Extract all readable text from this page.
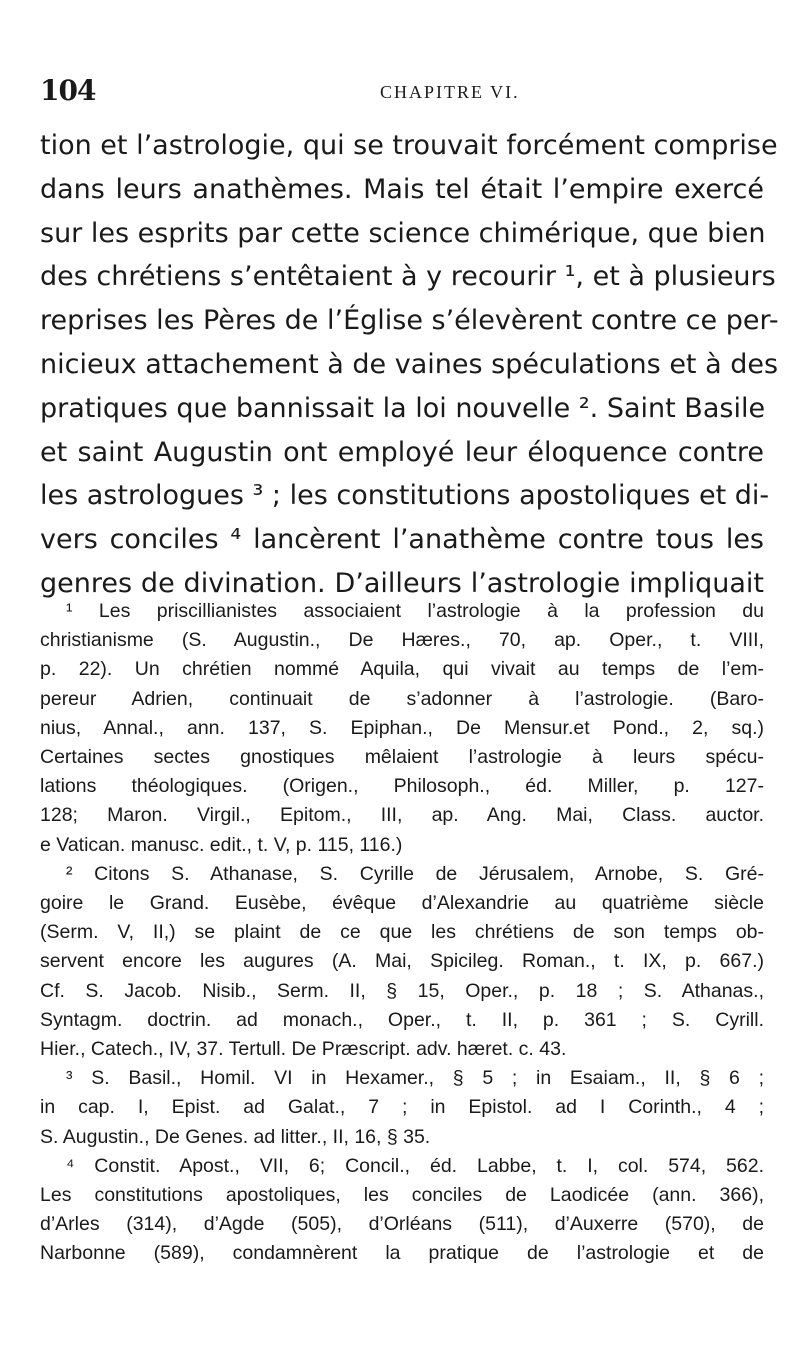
104	CHAPITRE VI.
tion et l’astrologie, qui se trouvait forcément comprise
dans leurs anathèmes. Mais tel était l’empire exercé
sur les esprits par cette science chimérique, que bien
des chrétiens s’entêtaient à y recourir ¹, et à plusieurs
reprises les Pères de l’Église s’élevèrent contre ce per-
nicieux attachement à de vaines spéculations et à des
pratiques que bannissait la loi nouvelle ². Saint Basile
et saint Augustin ont employé leur éloquence contre
les astrologues ³ ; les constitutions apostoliques et di-
vers conciles ⁴ lancèrent l’anathème contre tous les
genres de divination. D’ailleurs l’astrologie impliquait
¹ Les priscillianistes associaient l’astrologie à la profession du
christianisme (S. Augustin., De Hæres., 70, ap. Oper., t. VIII,
p. 22). Un chrétien nommé Aquila, qui vivait au temps de l’em-
pereur Adrien, continuait de s’adonner à l’astrologie. (Baro-
nius, Annal., ann. 137, S. Epiphan., De Mensur.et Pond., 2, sq.)
Certaines sectes gnostiques mêlaient l’astrologie à leurs spécu-
lations théologiques. (Origen., Philosoph., éd. Miller, p. 127-
128; Maron. Virgil., Epitom., III, ap. Ang. Mai, Class. auctor.
e Vatican. manusc. edit., t. V, p. 115, 116.)
² Citons S. Athanase, S. Cyrille de Jérusalem, Arnobe, S. Gré-
goire le Grand. Eusèbe, évêque d’Alexandrie au quatrième siècle
(Serm. V, II,) se plaint de ce que les chrétiens de son temps ob-
servent encore les augures (A. Mai, Spicileg. Roman., t. IX, p. 667.)
Cf. S. Jacob. Nisib., Serm. II, § 15, Oper., p. 18 ; S. Athanas.,
Syntagm. doctrin. ad monach., Oper., t. II, p. 361 ; S. Cyrill.
Hier., Catech., IV, 37. Tertull. De Præscript. adv. hæret. c. 43.
³ S. Basil., Homil. VI in Hexamer., § 5 ; in Esaiam., II, § 6 ;
in cap. I, Epist. ad Galat., 7 ; in Epistol. ad I Corinth., 4 ;
S. Augustin., De Genes. ad litter., II, 16, § 35.
⁴ Constit. Apost., VII, 6; Concil., éd. Labbe, t. I, col. 574, 562.
Les constitutions apostoliques, les conciles de Laodicée (ann. 366),
d’Arles (314), d’Agde (505), d’Orléans (511), d’Auxerre (570), de
Narbonne (589), condamnèrent la pratique de l’astrologie et de
